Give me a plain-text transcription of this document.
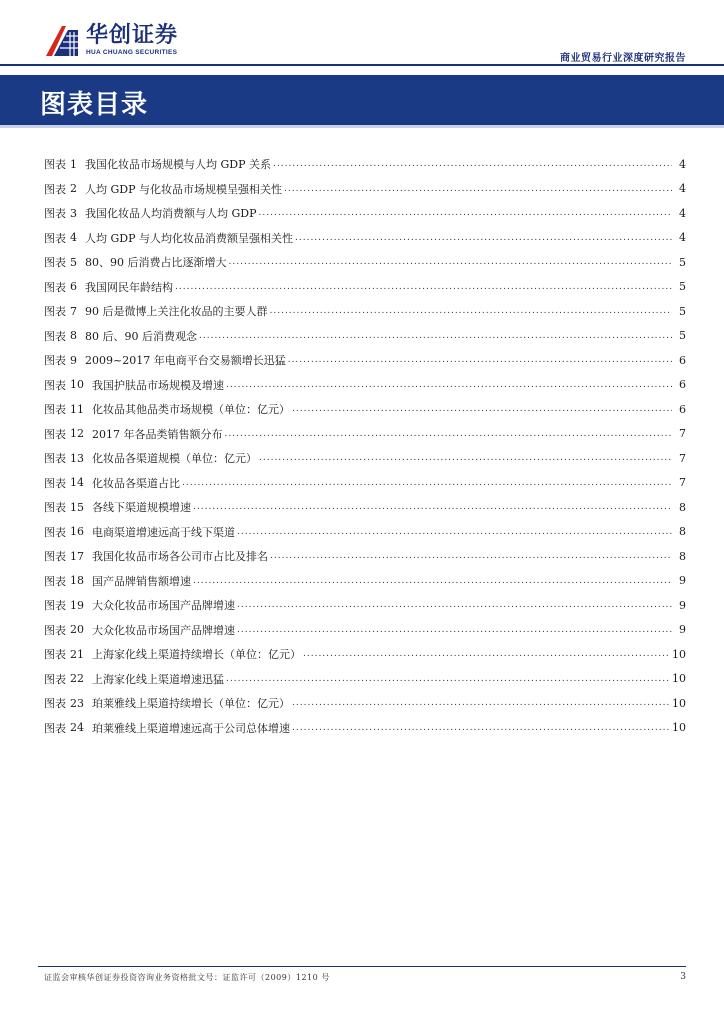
华创证券
HUA CHUANG SECURITIES
商业贸易行业深度研究报告
图表目录
图表 1 我国化妆品市场规模与人均 GDP 关系 .....	4
图表 2 人均 GDP 与化妆品市场规模呈强相关性 .....	4
图表 3 我国化妆品人均消费额与人均 GDP .....	4
图表 4 人均 GDP 与人均化妆品消费额呈强相关性 .....	4
图表 5 80、90 后消费占比逐渐增大 .....	5
图表 6 我国网民年龄结构 .....	5
图表 7 90 后是微博上关注化妆品的主要人群 .....	5
图表 8 80 后、90 后消费观念 .....	5
图表 9 2009~2017 年电商平台交易额增长迅猛 .....	6
图表 10 我国护肤品市场规模及增速 .....	6
图表 11 化妆品其他品类市场规模（单位：亿元） .....	6
图表 12 2017 年各品类销售额分布 .....	7
图表 13 化妆品各渠道规模（单位：亿元） .....	7
图表 14 化妆品各渠道占比 .....	7
图表 15 各线下渠道规模增速 .....	8
图表 16 电商渠道增速远高于线下渠道 .....	8
图表 17 我国化妆品市场各公司市占比及排名 .....	8
图表 18 国产品牌销售额增速 .....	9
图表 19 大众化妆品市场国产品牌增速 .....	9
图表 20 大众化妆品市场国产品牌增速 .....	9
图表 21 上海家化线上渠道持续增长（单位：亿元） .....	10
图表 22 上海家化线上渠道增速迅猛 .....	10
图表 23 珀莱雅线上渠道持续增长（单位：亿元） .....	10
图表 24 珀莱雅线上渠道增速远高于公司总体增速 .....	10
证监会审核华创证券投资咨询业务资格批文号：证监许可（2009）1210 号	3
